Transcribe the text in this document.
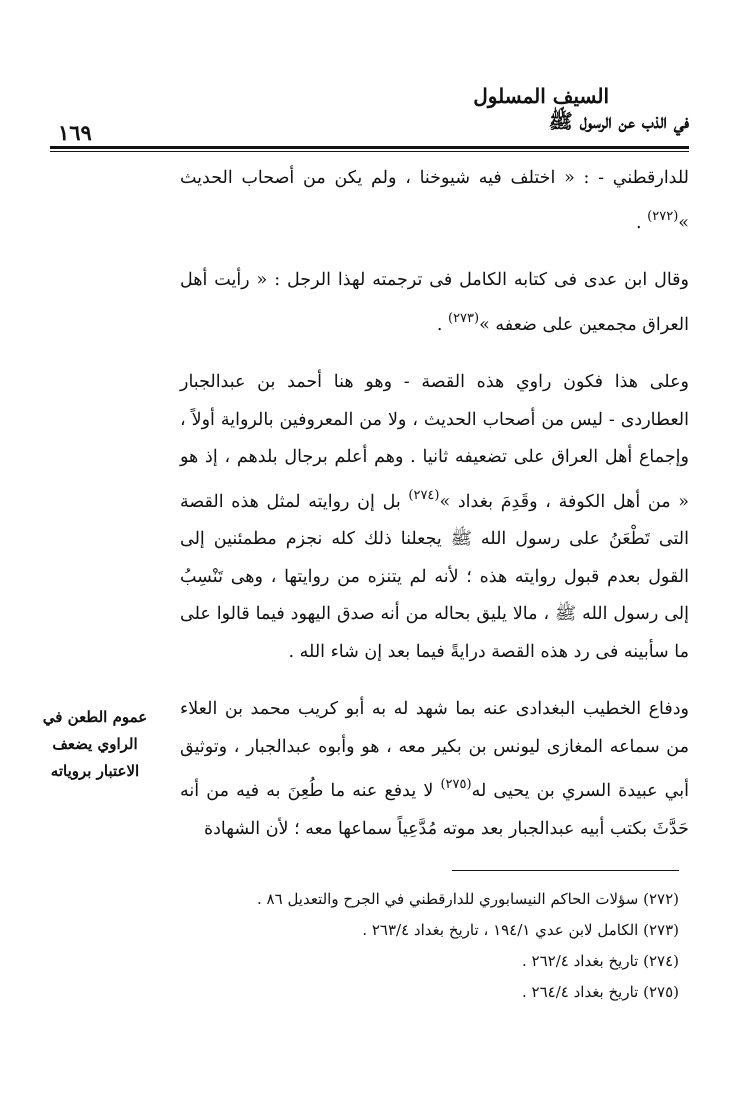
١٦٩
السيف المسلول
في الذب عن الرسول ﷺ

للدارقطني - : « اختلف فيه شيوخنا ، ولم يكن من أصحاب الحديث »$^{(٢٧٢)}$ .

وقال ابن عدى فى كتابه الكامل فى ترجمته لهذا الرجل : « رأيت أهل العراق مجمعين على ضعفه »$^{(٢٧٣)}$ .

وعلى هذا فكون راوي هذه القصة - وهو هنا أحمد بن عبدالجبار العطاردى - ليس من أصحاب الحديث ، ولا من المعروفين بالرواية أولاً ، وإجماع أهل العراق على تضعيفه ثانيا . وهم أعلم برجال بلدهم ، إذ هو « من أهل الكوفة ، وقَدِمَ بغداد »$^{(٢٧٤)}$ بل إن روايته لمثل هذه القصة التى تَطْعَنُ على رسول الله ﷺ يجعلنا ذلك كله نجزم مطمئنين إلى القول بعدم قبول روايته هذه ؛ لأنه لم يتنزه من روايتها ، وهى تَنْسِبُ إلى رسول الله ﷺ ، مالا يليق بحاله من أنه صدق اليهود فيما قالوا على ما سأبينه فى رد هذه القصة درايةً فيما بعد إن شاء الله .

ودفاع الخطيب البغدادى عنه بما شهد له به أبو كريب محمد بن العلاء من سماعه المغازى ليونس بن بكير معه ، هو وأبوه عبدالجبار ، وتوثيق أبي عبيدة السري بن يحيى له$^{(٢٧٥)}$ لا يدفع عنه ما طُعِنَ به فيه من أنه حَدَّثَ بكتب أبيه عبدالجبار بعد موته مُدَّعِياً سماعها معه ؛ لأن الشهادة

عموم الطعن في
الراوي يضعف
الاعتبار بروياته
(٢٧٢) سؤلات الحاكم النيسابوري للدارقطني في الجرح والتعديل ٨٦ .
(٢٧٣) الكامل لابن عدي ١٩٤/١ ، تاريخ بغداد ٢٦٣/٤ .
(٢٧٤) تاريخ بغداد ٢٦٢/٤ .
(٢٧٥) تاريخ بغداد ٢٦٤/٤ .
